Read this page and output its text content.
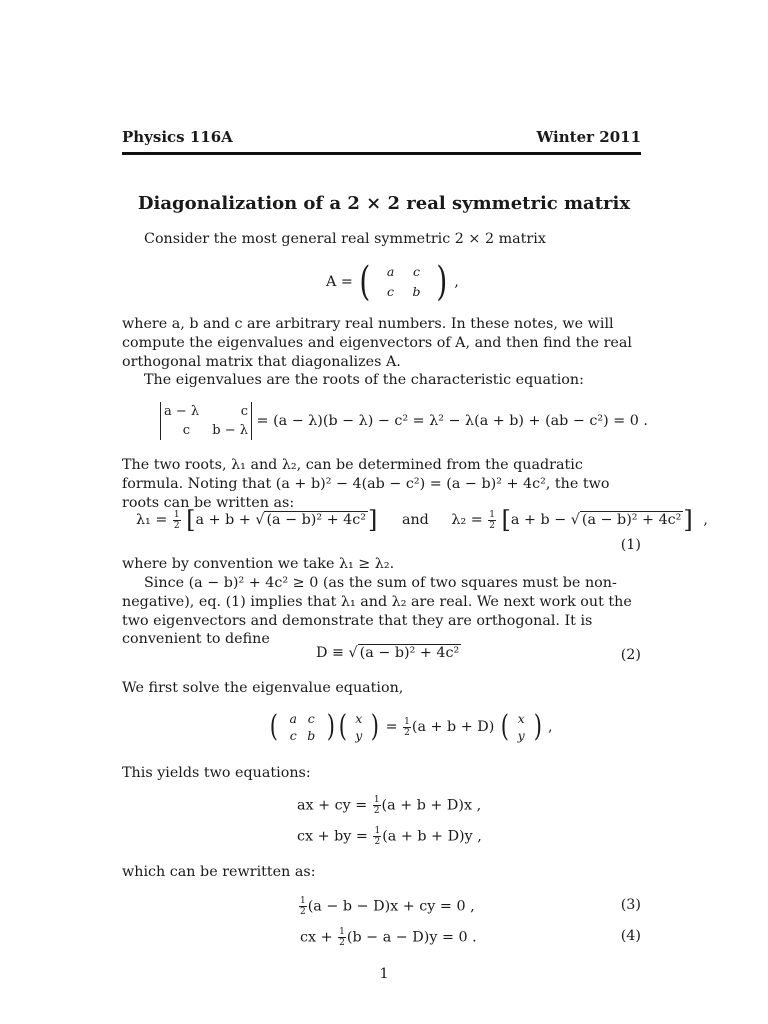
Physics 116A	Winter 2011
Diagonalization of a 2 × 2 real symmetric matrix
Consider the most general real symmetric 2 × 2 matrix
A = (	a c
c b ) ,
where a, b and c are arbitrary real numbers. In these notes, we will compute the eigenvalues and eigenvectors of A, and then find the real orthogonal matrix that diagonalizes A.
The eigenvalues are the roots of the characteristic equation:
a − λ	c
c b − λ
= (a − λ)(b − λ) − c² = λ² − λ(a + b) + (ab − c²) = 0 .
The two roots, λ₁ and λ₂, can be determined from the quadratic formula. Noting that (a + b)² − 4(ab − c²) = (a − b)² + 4c², the two roots can be written as:
$\lambda_1 = \frac{1}{2} [a + b$ + √ (a − b)² + 4c²] and $\lambda_2 = \frac{1}{2} [a + b$ − √ (a − b)² + 4c²] ,
(1)
where by convention we take λ₁ ≥ λ₂.
Since (a − b)² + 4c² ≥ 0 (as the sum of two squares must be non-negative), eq. (1) implies that λ₁ and λ₂ are real. We next work out the two eigenvectors and demonstrate that they are orthogonal. It is convenient to define
D ≡ √ (a − b)² + 4c²	(2)
We first solve the eigenvalue equation,
( a c
c b ) ( x
y ) = $\frac{1}{2} (a + b + D)$ ( x
y ) ,
This yields two equations:
ax + cy = $\frac{1}{2} (a + b + D)x$ ,
cx + by = $\frac{1}{2} (a + b + D)y$ ,
which can be rewritten as:
$\frac{1}{2} (a - b - D)x$ + cy = 0 ,	(3)
cx + $\frac{1}{2} (b - a - D)y = 0$ .	(4)
1
